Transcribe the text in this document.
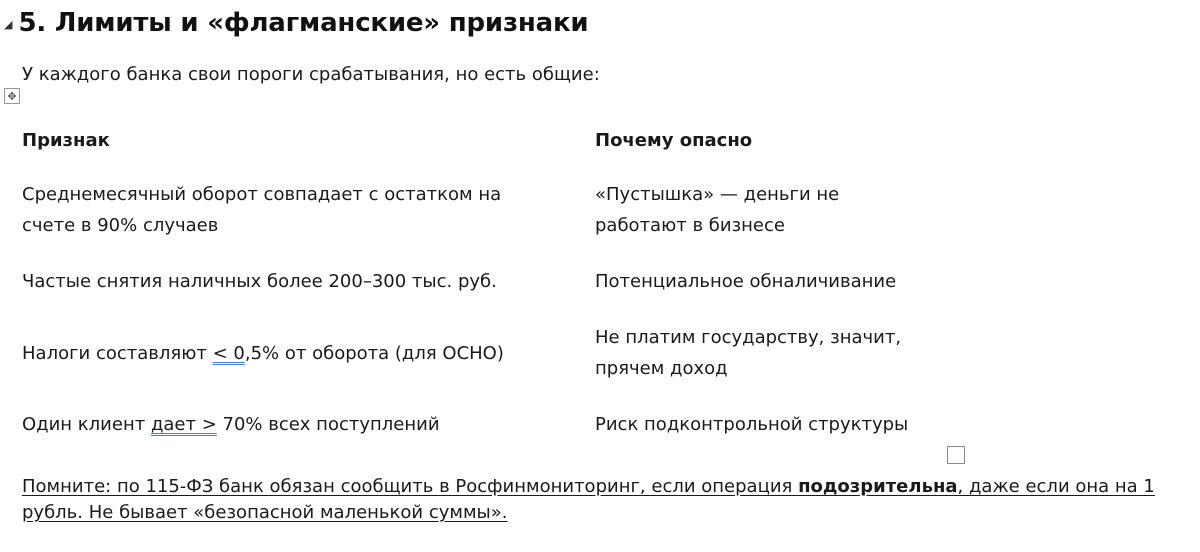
◢ 5. Лимиты и «флагманские» признаки
У каждого банка свои пороги срабатывания, но есть общие:
✥
Признак	Почему опасно
Среднемесячный оборот совпадает с остатком на счете в 90% случаев	«Пустышка» — деньги не работают в бизнесе
Частые снятия наличных более 200–300 тыс. руб.	Потенциальное обналичивание
Налоги составляют < 0,5% от оборота (для ОСНО)	Не платим государству, значит, прячем доход
Один клиент дает > 70% всех поступлений	Риск подконтрольной структуры
Помните: по 115-ФЗ банк обязан сообщить в Росфинмониторинг, если операция подозрительна, даже если она на 1 рубль. Не бывает «безопасной маленькой суммы».
